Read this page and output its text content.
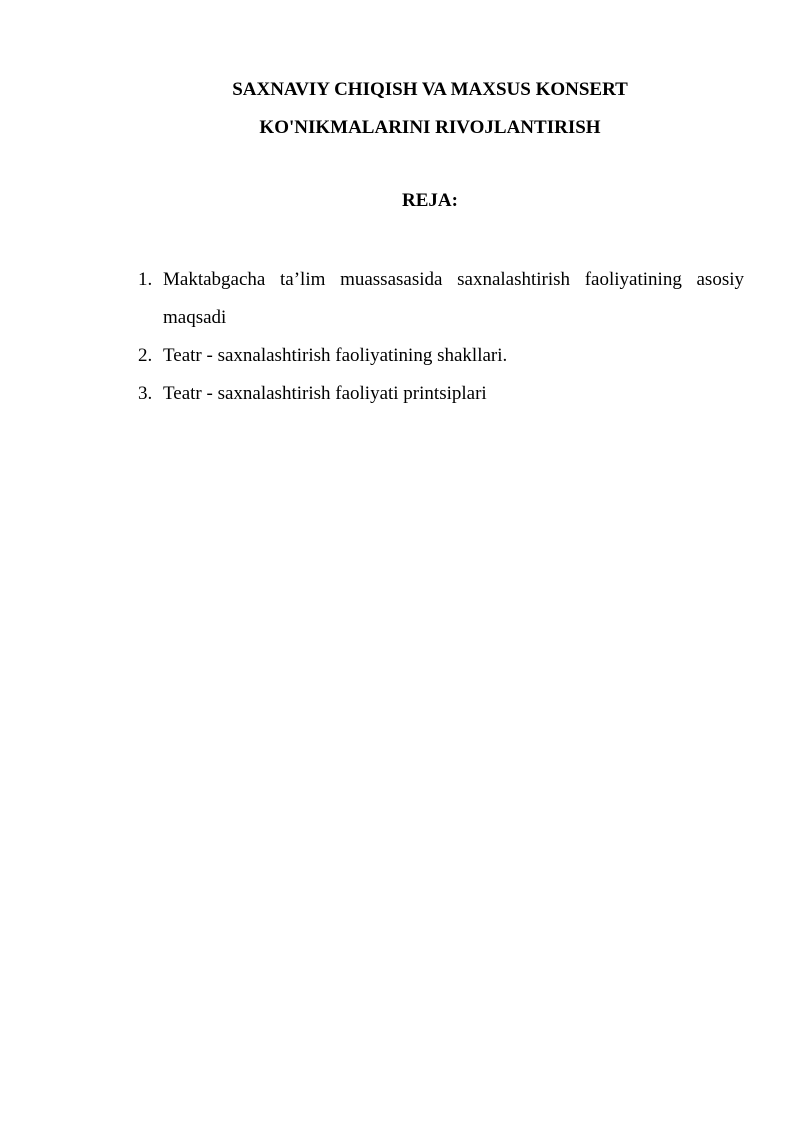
SAXNAVIY CHIQISH VA MAXSUS KONSERT
KO'NIKMALARINI RIVOJLANTIRISH
REJA:
1. Maktabgacha ta’lim muassasasida saxnalashtirish faoliyatining asosiy maqsadi
2. Teatr - saxnalashtirish faoliyatining shakllari.
3. Teatr - saxnalashtirish faoliyati printsiplari
